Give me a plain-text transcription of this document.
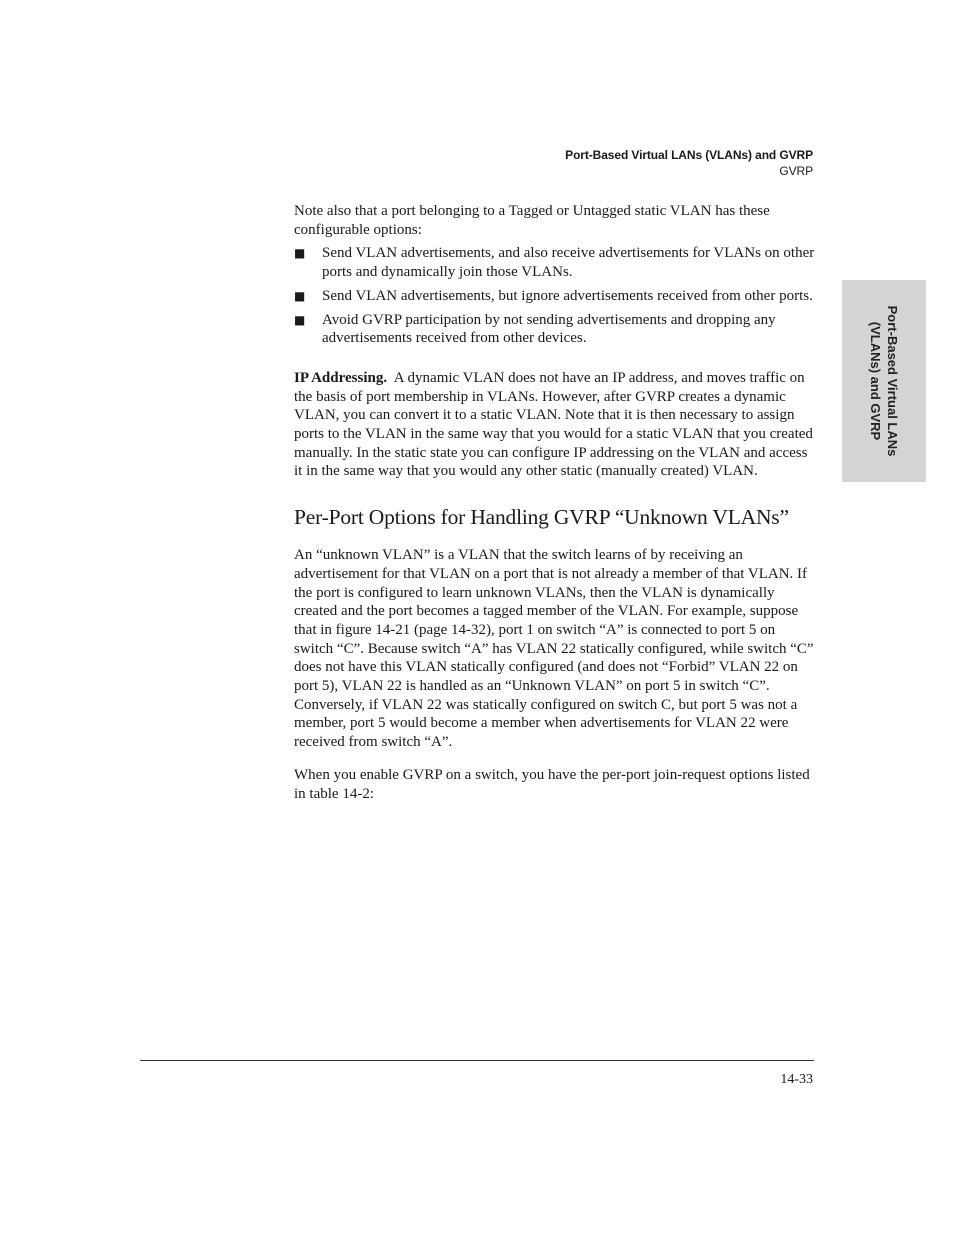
Port-Based Virtual LANs (VLANs) and GVRP
GVRP
Port-Based Virtual LANs
(VLANs) and GVRP

Note also that a port belonging to a Tagged or Untagged static VLAN has these configurable options:

■ Send VLAN advertisements, and also receive advertisements for VLANs on other ports and dynamically join those VLANs.
■ Send VLAN advertisements, but ignore advertisements received from other ports.
■ Avoid GVRP participation by not sending advertisements and dropping any advertisements received from other devices.

IP Addressing. A dynamic VLAN does not have an IP address, and moves traffic on the basis of port membership in VLANs. However, after GVRP creates a dynamic VLAN, you can convert it to a static VLAN. Note that it is then necessary to assign ports to the VLAN in the same way that you would for a static VLAN that you created manually. In the static state you can configure IP addressing on the VLAN and access it in the same way that you would any other static (manually created) VLAN.

Per-Port Options for Handling GVRP “Unknown VLANs”

An “unknown VLAN” is a VLAN that the switch learns of by receiving an advertisement for that VLAN on a port that is not already a member of that VLAN. If the port is configured to learn unknown VLANs, then the VLAN is dynamically created and the port becomes a tagged member of the VLAN. For example, suppose that in figure 14-21 (page 14-32), port 1 on switch “A” is connected to port 5 on switch “C”. Because switch “A” has VLAN 22 statically configured, while switch “C” does not have this VLAN statically configured (and does not “Forbid” VLAN 22 on port 5), VLAN 22 is handled as an “Unknown VLAN” on port 5 in switch “C”. Conversely, if VLAN 22 was statically configured on switch C, but port 5 was not a member, port 5 would become a member when advertisements for VLAN 22 were received from switch “A”.

When you enable GVRP on a switch, you have the per-port join-request options listed in table 14-2:

14-33
